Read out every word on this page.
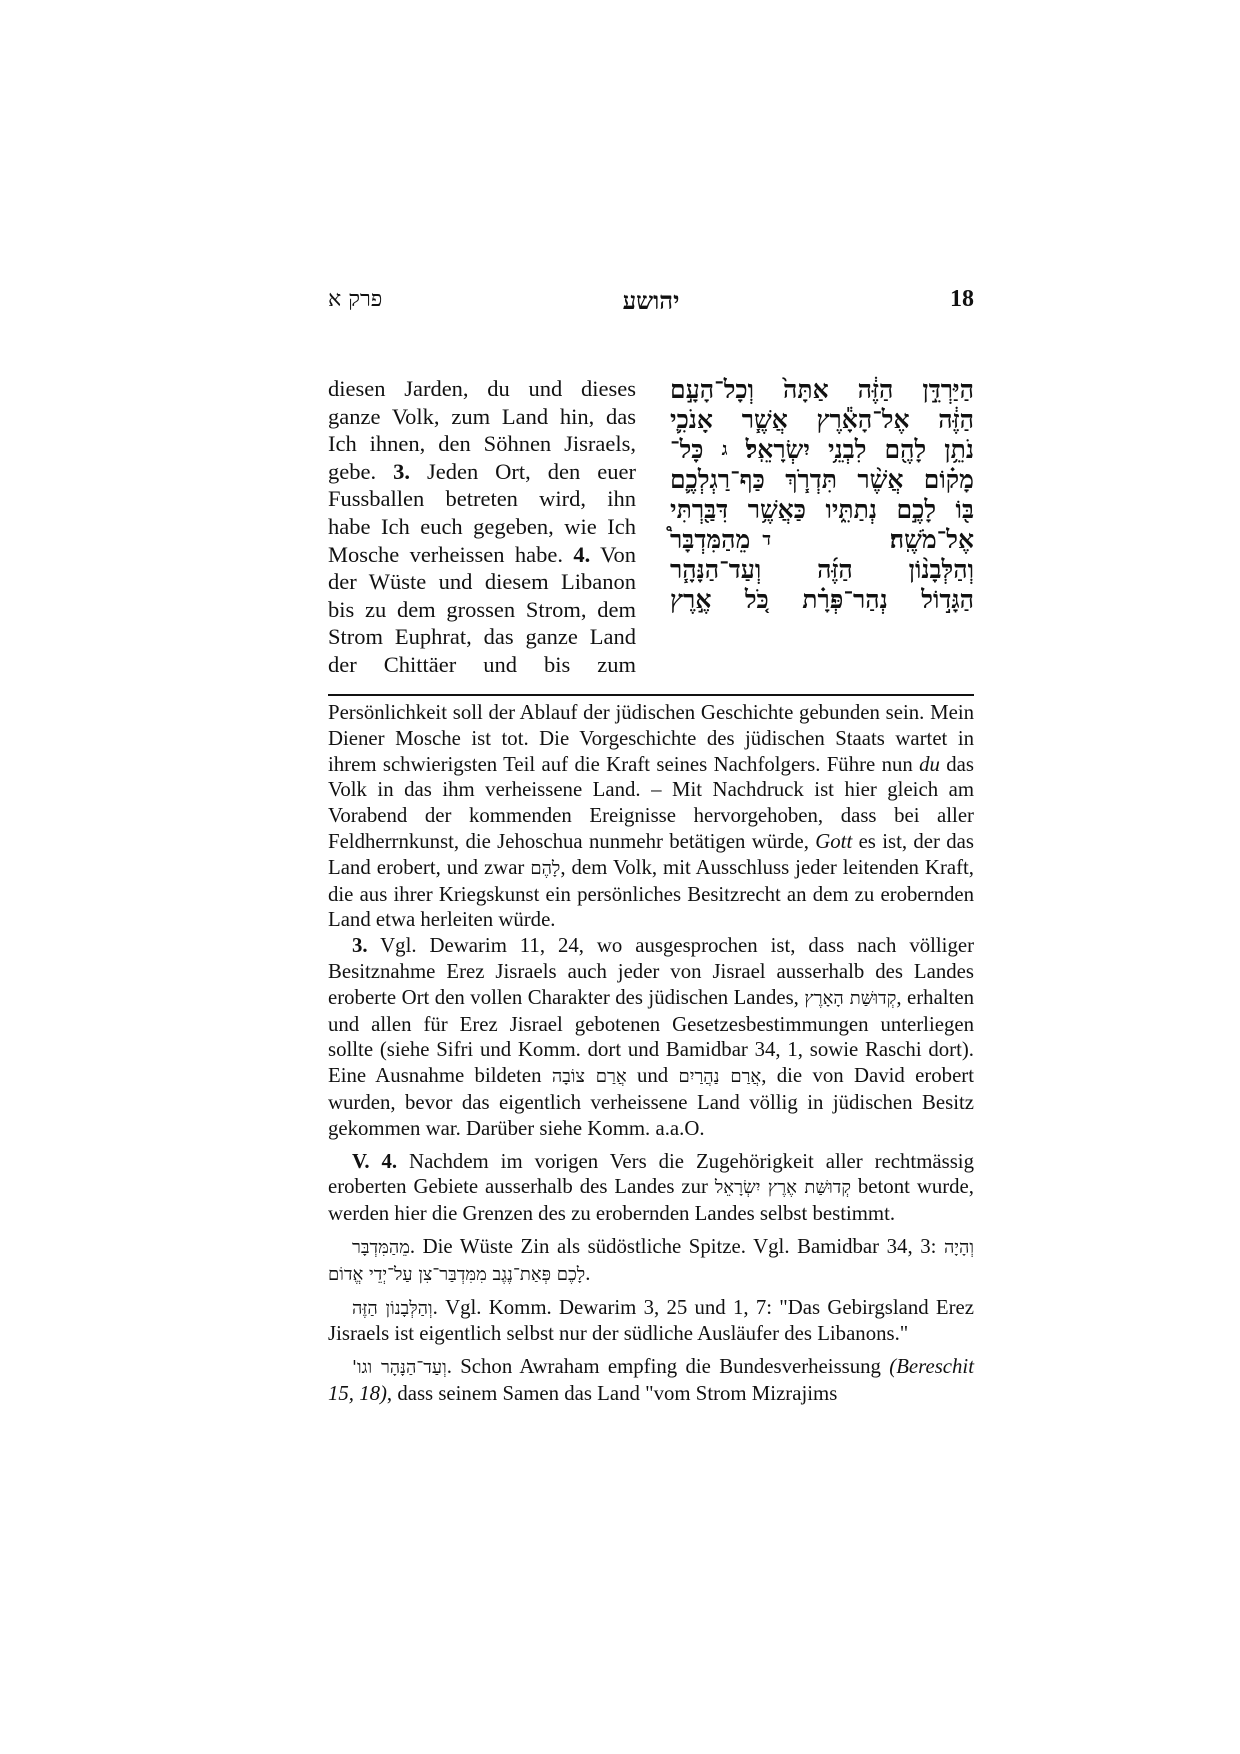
פרק א	יהושע	18
diesen Jarden, du und dieses
ganze Volk, zum Land hin, das
Ich ihnen, den Söhnen Jisraels,
gebe. 3. Jeden Ort, den euer
Fussballen betreten wird, ihn
habe Ich euch gegeben, wie Ich
Mosche verheissen habe. 4. Von
der Wüste und diesem Libanon
bis zu dem grossen Strom, dem
Strom Euphrat, das ganze Land
der Chittäer und bis zum
הַיַּרְדֵּ֣ן
הַזֶּ֔ה
אַתָּה֙
וְכָל־הָעָ֣ם
הַזֶּ֔ה
אֶל־הָאָ֕רֶץ
אֲשֶׁ֧ר
אָנֹכִ֛י
נֹתֵ֥ן
לָהֶ֖ם
לִבְנֵ֥י
יִשְׂרָאֵֽל׃
ג
כָּל־
מָק֗וֹם
אֲשֶׁ֨ר
תִּדְרֹ֧ךְ
כַּף־רַגְלְכֶ֛ם
בּ֖וֹ
לָכֶ֣ם
נְתַתִּ֑יו
כַּאֲשֶׁ֥ר
דִּבַּ֖רְתִּי
אֶל־מֹשֶֽׁה׃
ד
מֵהַמִּדְבָּר֩
וְהַלְּבָנ֨וֹן
הַזֶּ֜ה
וְעַד־הַנָּהָ֧ר
הַגָּד֣וֹל
נְהַר־פְּרָ֗ת
כֹּ֚ל
אֶ֣רֶץ

Persönlichkeit soll der Ablauf der jüdischen Geschichte gebunden sein. Mein Diener Mosche ist tot. Die Vorgeschichte des jüdischen Staats wartet in ihrem schwierigsten Teil auf die Kraft seines Nachfolgers. Führe nun du das Volk in das ihm verheissene Land. – Mit Nachdruck ist hier gleich am Vorabend der kommenden Ereignisse hervorgehoben, dass bei aller Feldherrnkunst, die Jehoschua nunmehr betätigen würde, Gott es ist, der das Land erobert, und zwar לָהֶם, dem Volk, mit Ausschluss jeder leitenden Kraft, die aus ihrer Kriegskunst ein persönliches Besitzrecht an dem zu erobernden Land etwa herleiten würde.

3. Vgl. Dewarim 11, 24, wo ausgesprochen ist, dass nach völliger Besitznahme Erez Jisraels auch jeder von Jisrael ausserhalb des Landes eroberte Ort den vollen Charakter des jüdischen Landes, קְדוּשַּׁת הָאָרֶץ, erhalten und allen für Erez Jisrael gebotenen Gesetzesbestimmungen unterliegen sollte (siehe Sifri und Komm. dort und Bamidbar 34, 1, sowie Raschi dort). Eine Ausnahme bildeten אֲרַם צוֹבָה und אֲרַם נַהֲרַיִם, die von David erobert wurden, bevor das eigentlich verheissene Land völlig in jüdischen Besitz gekommen war. Darüber siehe Komm. a.a.O.

V. 4. Nachdem im vorigen Vers die Zugehörigkeit aller rechtmässig eroberten Gebiete ausserhalb des Landes zur קְדוּשַּׁת אֶרֶץ יִשְׂרָאֵל betont wurde, werden hier die Grenzen des zu erobernden Landes selbst bestimmt.

מֵהַמִּדְבָּר. Die Wüste Zin als südöstliche Spitze. Vgl. Bamidbar 34, 3: וְהָיָה לָכֶם פְּאַת־נֶגֶב מִמִּדְבַּר־צִן עַל־יְדֵי אֱדוֹם.

וְהַלְּבָנוֹן הַזֶּה. Vgl. Komm. Dewarim 3, 25 und 1, 7: "Das Gebirgsland Erez Jisraels ist eigentlich selbst nur der südliche Ausläufer des Libanons."

וְעַד־הַנָּהָר וגו'. Schon Awraham empfing die Bundesverheissung (Bereschit 15, 18), dass seinem Samen das Land "vom Strom Mizrajims
